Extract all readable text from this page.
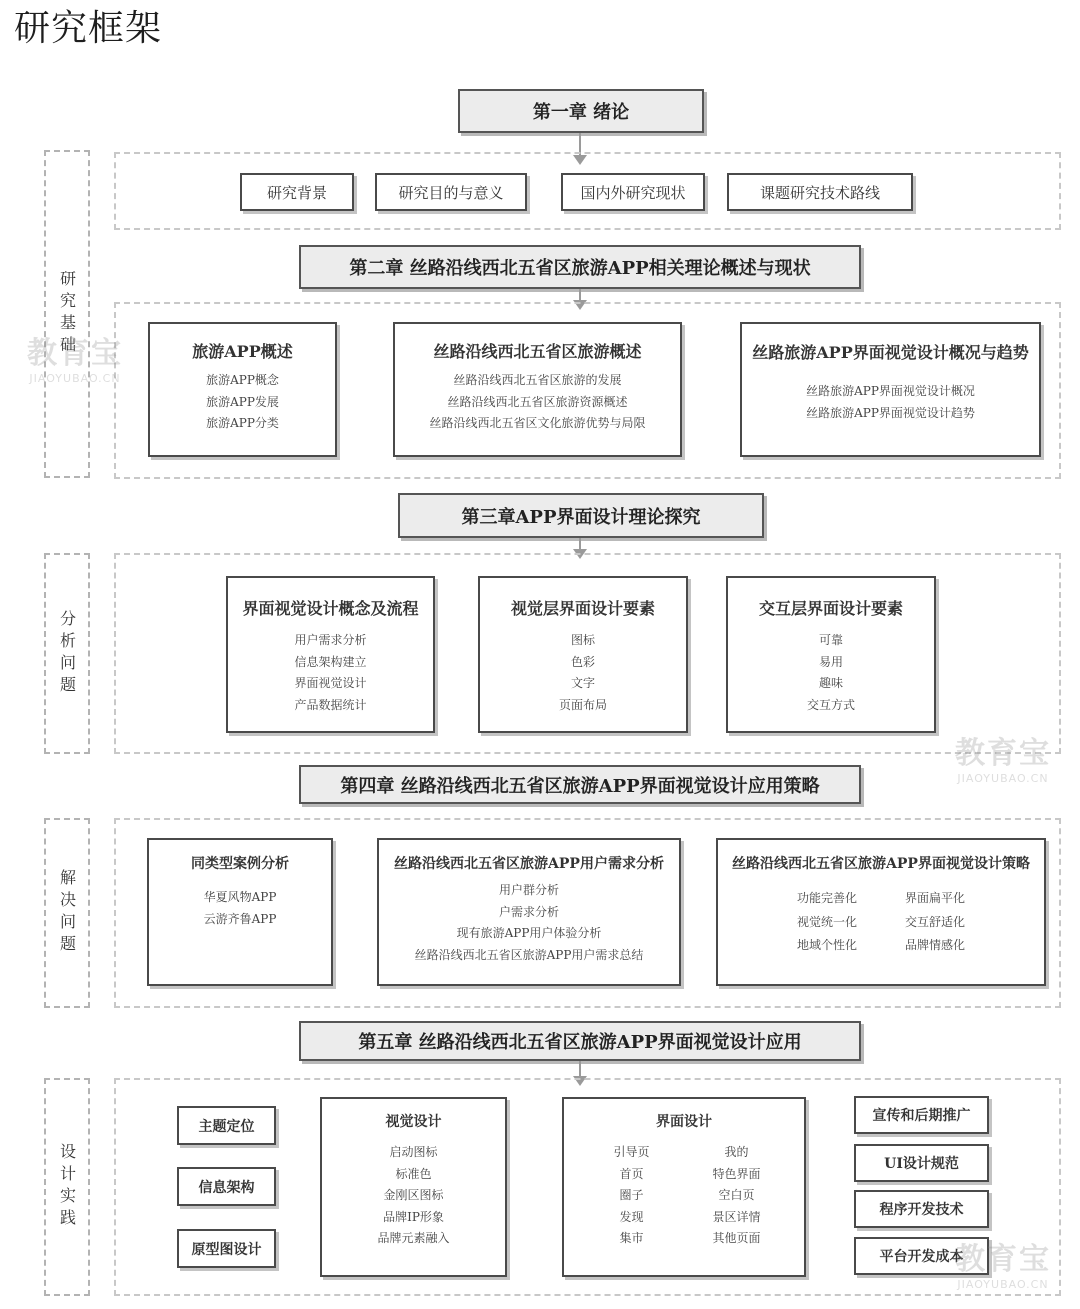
研究框架
研究基础
分析问题
解决问题
设计实践
第一章 绪论
研究背景	研究目的与意义	国内外研究现状	课题研究技术路线
第二章 丝路沿线西北五省区旅游APP相关理论概述与现状
旅游APP概述
旅游APP概念
旅游APP发展
旅游APP分类
丝路沿线西北五省区旅游概述
丝路沿线西北五省区旅游的发展
丝路沿线西北五省区旅游资源概述
丝路沿线西北五省区文化旅游优势与局限
丝路旅游APP界面视觉设计概况与趋势
丝路旅游APP界面视觉设计概况
丝路旅游APP界面视觉设计趋势
第三章APP界面设计理论探究
界面视觉设计概念及流程
用户需求分析
信息架构建立
界面视觉设计
产品数据统计
视觉层界面设计要素
图标
色彩
文字
页面布局
交互层界面设计要素
可靠
易用
趣味
交互方式
第四章 丝路沿线西北五省区旅游APP界面视觉设计应用策略
同类型案例分析
华夏风物APP
云游齐鲁APP
丝路沿线西北五省区旅游APP用户需求分析
用户群分析
户需求分析
现有旅游APP用户体验分析
丝路沿线西北五省区旅游APP用户需求总结
丝路沿线西北五省区旅游APP界面视觉设计策略
功能完善化	界面扁平化
视觉统一化	交互舒适化
地域个性化	品牌情感化
第五章 丝路沿线西北五省区旅游APP界面视觉设计应用
主题定位
信息架构
原型图设计
视觉设计
启动图标
标准色
金刚区图标
品牌IP形象
品牌元素融入
界面设计
引导页	我的
首页	特色界面
圈子	空白页
发现	景区详情
集市	其他页面
宣传和后期推广
UI设计规范
程序开发技术
平台开发成本
教育宝
JIAOYUBAO.CN
教育宝
JIAOYUBAO.CN
教育宝
JIAOYUBAO.CN
